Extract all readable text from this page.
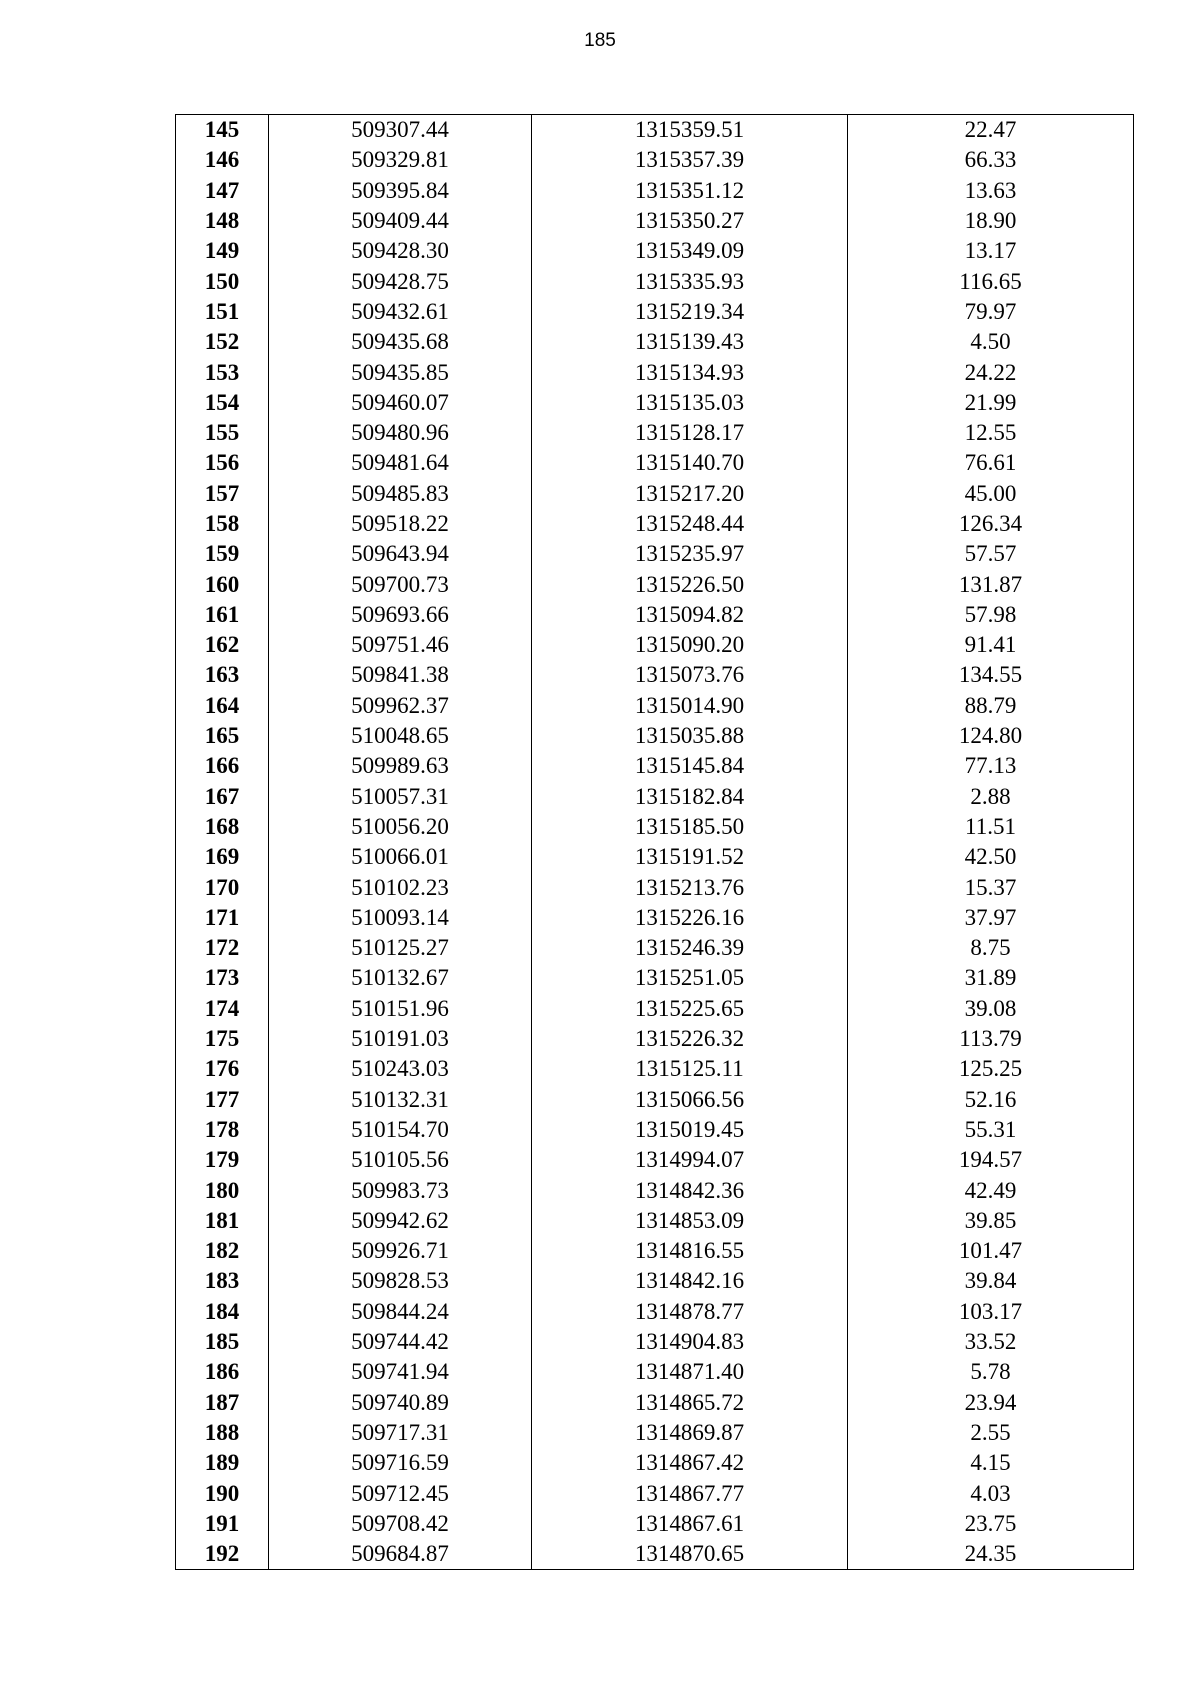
185
145	509307.44	1315359.51	22.47
146	509329.81	1315357.39	66.33
147	509395.84	1315351.12	13.63
148	509409.44	1315350.27	18.90
149	509428.30	1315349.09	13.17
150	509428.75	1315335.93	116.65
151	509432.61	1315219.34	79.97
152	509435.68	1315139.43	4.50
153	509435.85	1315134.93	24.22
154	509460.07	1315135.03	21.99
155	509480.96	1315128.17	12.55
156	509481.64	1315140.70	76.61
157	509485.83	1315217.20	45.00
158	509518.22	1315248.44	126.34
159	509643.94	1315235.97	57.57
160	509700.73	1315226.50	131.87
161	509693.66	1315094.82	57.98
162	509751.46	1315090.20	91.41
163	509841.38	1315073.76	134.55
164	509962.37	1315014.90	88.79
165	510048.65	1315035.88	124.80
166	509989.63	1315145.84	77.13
167	510057.31	1315182.84	2.88
168	510056.20	1315185.50	11.51
169	510066.01	1315191.52	42.50
170	510102.23	1315213.76	15.37
171	510093.14	1315226.16	37.97
172	510125.27	1315246.39	8.75
173	510132.67	1315251.05	31.89
174	510151.96	1315225.65	39.08
175	510191.03	1315226.32	113.79
176	510243.03	1315125.11	125.25
177	510132.31	1315066.56	52.16
178	510154.70	1315019.45	55.31
179	510105.56	1314994.07	194.57
180	509983.73	1314842.36	42.49
181	509942.62	1314853.09	39.85
182	509926.71	1314816.55	101.47
183	509828.53	1314842.16	39.84
184	509844.24	1314878.77	103.17
185	509744.42	1314904.83	33.52
186	509741.94	1314871.40	5.78
187	509740.89	1314865.72	23.94
188	509717.31	1314869.87	2.55
189	509716.59	1314867.42	4.15
190	509712.45	1314867.77	4.03
191	509708.42	1314867.61	23.75
192	509684.87	1314870.65	24.35
